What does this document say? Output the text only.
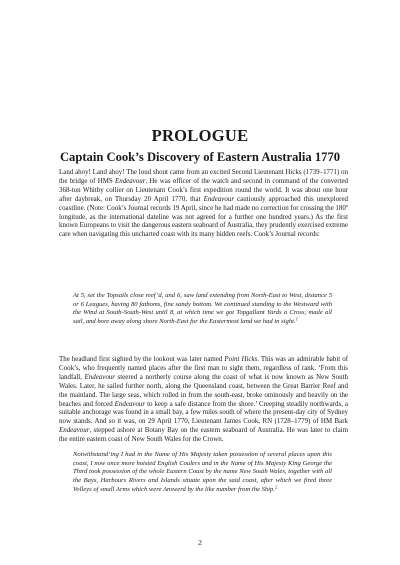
PROLOGUE
Captain Cook’s Discovery of Eastern Australia 1770

Land ahoy! Land ahoy! The loud shout came from an excited Second Lieutenant Hicks (1739–1771) on the bridge of HMS Endeavour. He was officer of the watch and second in command of the converted 368-ton Whitby collier on Lieutenant Cook’s first expedition round the world. It was about one hour after daybreak, on Thursday 20 April 1770, that Endeavour cautiously approached this unexplored coastline. (Note: Cook’s Journal records 19 April, since he had made no correction for crossing the 180º longitude, as the international dateline was not agreed for a further one hundred years.) As the first known Europeans to visit the dangerous eastern seaboard of Australia, they prudently exercised extreme care when navigating this uncharted coast with its many hidden reefs. Cook’s Journal records:

At 5, set the Topsails close reef’d, and 6, saw land extending from North-East to West, distance 5 or 6 Leagues, having 80 fathoms, fine sandy bottom. We continued standing to the Westward with the Wind at South-South-West until 8, at which time we got Topgallant Yards a Cross, made all sail, and bore away along shore North-East for the Eastermost land we had in sight.$^1$

The headland first sighted by the lookout was later named Point Hicks. This was an admirable habit of Cook’s, who frequently named places after the first man to sight them, regardless of rank. ‘From this landfall, Endeavour steered a northerly course along the coast of what is now known as New South Wales. Later, he sailed further north, along the Queensland coast, between the Great Barrier Reef and the mainland. The large seas, which rolled in from the south-east, broke ominously and heavily on the beaches and forced Endeavour to keep a safe distance from the shore.’ Creeping steadily northwards, a suitable anchorage was found in a small bay, a few miles south of where the present-day city of Sydney now stands. And so it was, on 29 April 1770, Lieutenant James Cook, RN (1728–1779) of HM Bark Endeavour, stepped ashore at Botany Bay on the eastern seaboard of Australia. He was later to claim the entire eastern coast of New South Wales for the Crown.

Notwithstand’ing I had in the Name of His Majesty taken possession of several places upon this coast, I now once more hoisted English Coulers and in the Name of His Majesty King George the Third took possession of the whole Eastern Coast by the name New South Wales, together with all the Bays, Harbours Rivers and Islands situate upon the said coast, after which we fired three Volleys of small Arms which were Answerd by the like number from the Ship.$^2$

2
